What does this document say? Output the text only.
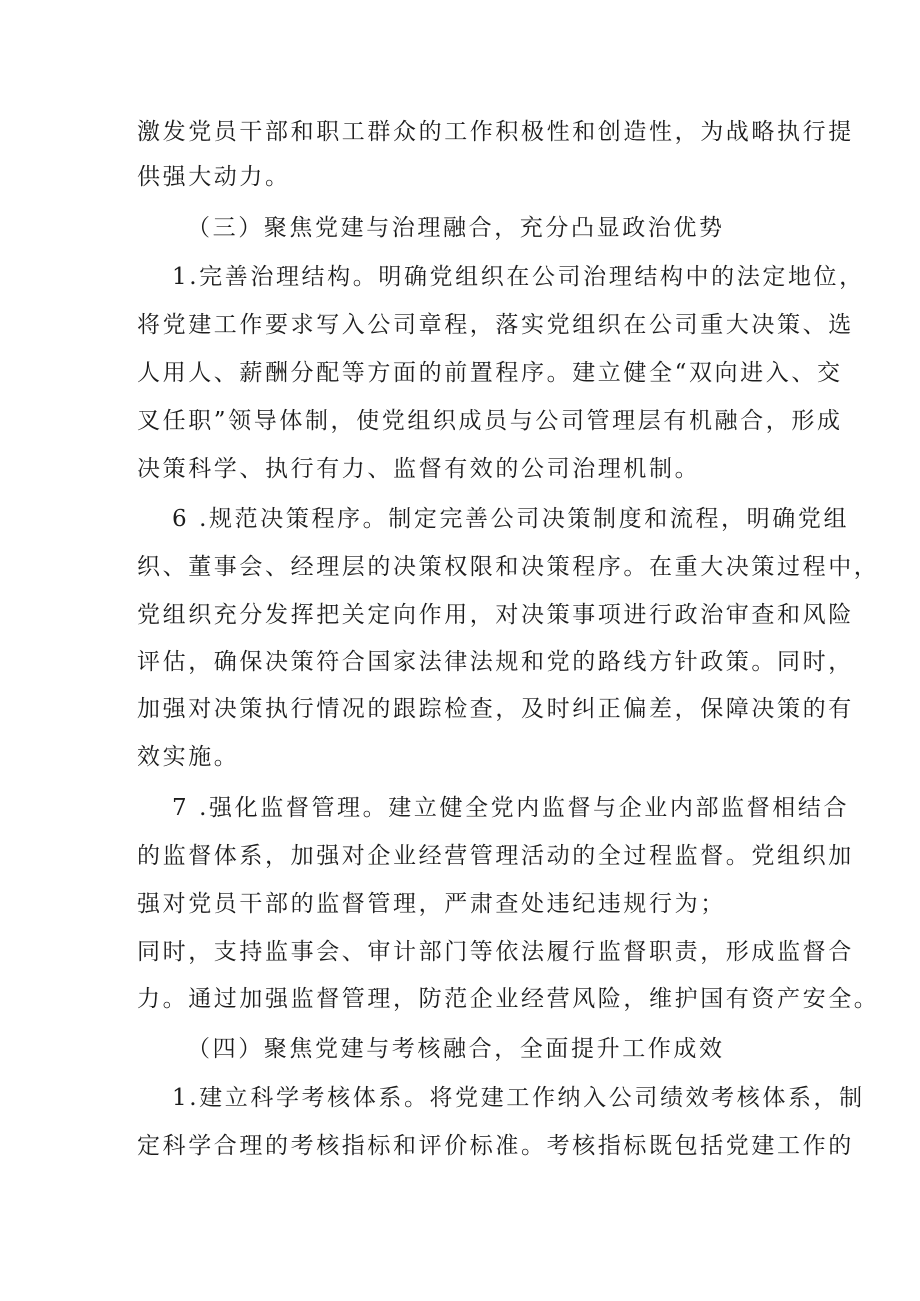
激发党员干部和职工群众的工作积极性和创造性，为战略执行提
供强大动力。
（三）聚焦党建与治理融合，充分凸显政治优势
1.完善治理结构。明确党组织在公司治理结构中的法定地位，
将党建工作要求写入公司章程，落实党组织在公司重大决策、选
人用人、薪酬分配等方面的前置程序。建立健全“双向进入、交
叉任职”领导体制，使党组织成员与公司管理层有机融合，形成
决策科学、执行有力、监督有效的公司治理机制。
6 .规范决策程序。制定完善公司决策制度和流程，明确党组
织、董事会、经理层的决策权限和决策程序。在重大决策过程中，
党组织充分发挥把关定向作用，对决策事项进行政治审查和风险
评估，确保决策符合国家法律法规和党的路线方针政策。同时，
加强对决策执行情况的跟踪检查，及时纠正偏差，保障决策的有
效实施。
7 .强化监督管理。建立健全党内监督与企业内部监督相结合
的监督体系，加强对企业经营管理活动的全过程监督。党组织加
强对党员干部的监督管理，严肃查处违纪违规行为；
同时，支持监事会、审计部门等依法履行监督职责，形成监督合
力。通过加强监督管理，防范企业经营风险，维护国有资产安全。
（四）聚焦党建与考核融合，全面提升工作成效
1.建立科学考核体系。将党建工作纳入公司绩效考核体系，制
定科学合理的考核指标和评价标准。考核指标既包括党建工作的
